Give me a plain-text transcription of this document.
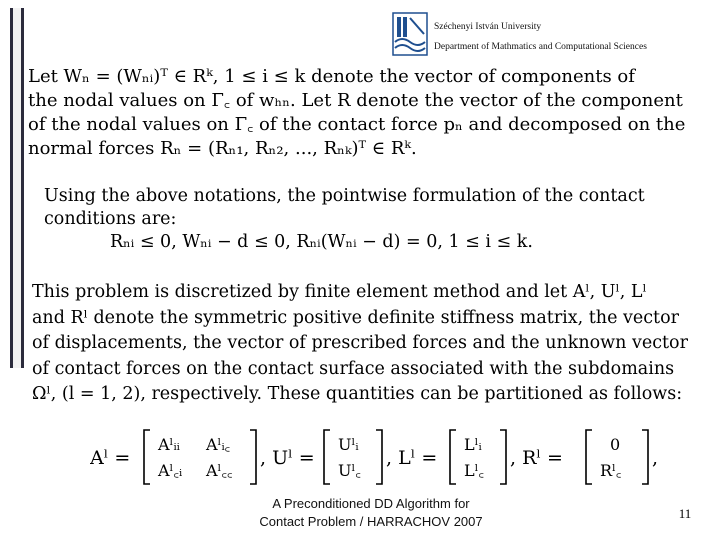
Széchenyi István University
Department of Mathmatics and Computational Sciences
Let Wₙ = (Wₙᵢ)ᵀ ∈ Rᵏ, 1 ≤ i ≤ k denote the vector of components of
the nodal values on Γ꜀ of wₕₙ. Let R denote the vector of the component
of the nodal values on Γ꜀ of the contact force pₙ and decomposed on the
normal forces Rₙ = (Rₙ₁, Rₙ₂, ..., Rₙₖ)ᵀ ∈ Rᵏ.
Using the above notations, the pointwise formulation of the contact
conditions are:
Rₙᵢ ≤ 0, Wₙᵢ − d ≤ 0, Rₙᵢ(Wₙᵢ − d) = 0, 1 ≤ i ≤ k.
This problem is discretized by finite element method and let Aˡ, Uˡ, Lˡ
and Rˡ denote the symmetric positive definite stiffness matrix, the vector
of displacements, the vector of prescribed forces and the unknown vector
of contact forces on the contact surface associated with the subdomains
Ωˡ, (l = 1, 2), respectively. These quantities can be partitioned as follows:
Aˡ =
Aˡᵢᵢ Aˡᵢ꜀
Aˡ꜀ᵢ Aˡ꜀꜀
, Uˡ =
Uˡᵢ
Uˡ꜀
, Lˡ =
Lˡᵢ
Lˡ꜀
, Rˡ =
0
Rˡ꜀
,
A Preconditioned DD Algorithm for Contact Problem / HARRACHOV 2007
11
